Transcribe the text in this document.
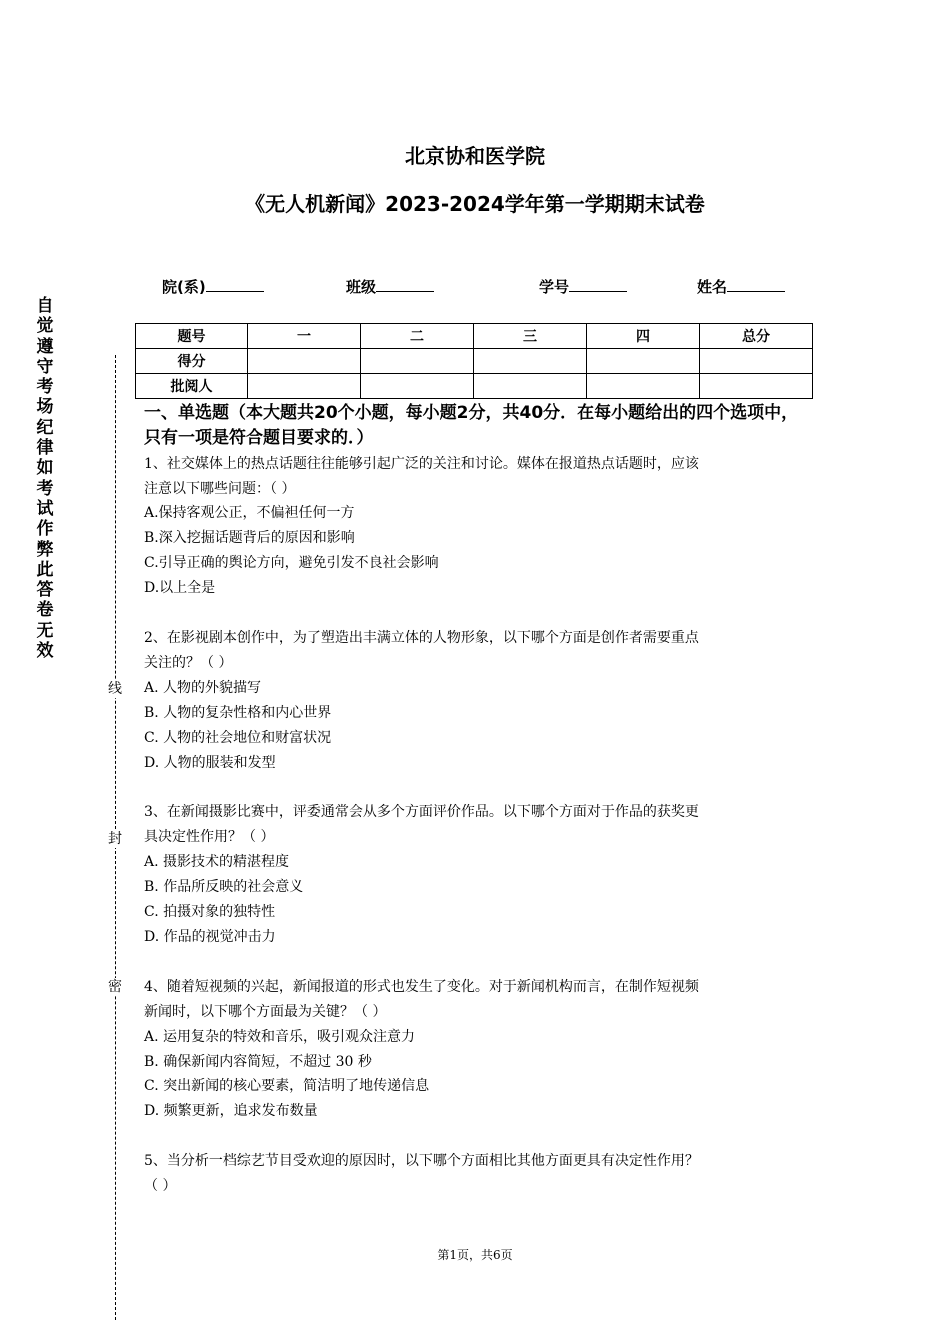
北京协和医学院
《无人机新闻》2023-2024学年第一学期期末试卷
自
觉
遵
守
考
场
纪
律
如
考
试
作
弊
此
答
卷
无
效
线
封
密
院(系)	班级	学号	姓名
题号	一	二	三	四	总分
得分					
批阅人					
一、单选题（本大题共20个小题，每小题2分，共40分．在每小题给出的四个选项中，只有一项是符合题目要求的．）
1、社交媒体上的热点话题往往能够引起广泛的关注和讨论。媒体在报道热点话题时，应该
注意以下哪些问题：（ ）
A.保持客观公正，不偏袒任何一方
B.深入挖掘话题背后的原因和影响
C.引导正确的舆论方向，避免引发不良社会影响
D.以上全是
2、在影视剧本创作中，为了塑造出丰满立体的人物形象，以下哪个方面是创作者需要重点
关注的？（ ）
A. 人物的外貌描写
B. 人物的复杂性格和内心世界
C. 人物的社会地位和财富状况
D. 人物的服装和发型
3、在新闻摄影比赛中，评委通常会从多个方面评价作品。以下哪个方面对于作品的获奖更
具决定性作用？（ ）
A. 摄影技术的精湛程度
B. 作品所反映的社会意义
C. 拍摄对象的独特性
D. 作品的视觉冲击力
4、随着短视频的兴起，新闻报道的形式也发生了变化。对于新闻机构而言，在制作短视频
新闻时，以下哪个方面最为关键？（ ）
A. 运用复杂的特效和音乐，吸引观众注意力
B. 确保新闻内容简短，不超过 30 秒
C. 突出新闻的核心要素，简洁明了地传递信息
D. 频繁更新，追求发布数量
5、当分析一档综艺节目受欢迎的原因时，以下哪个方面相比其他方面更具有决定性作用？
（ ）
第1页，共6页
